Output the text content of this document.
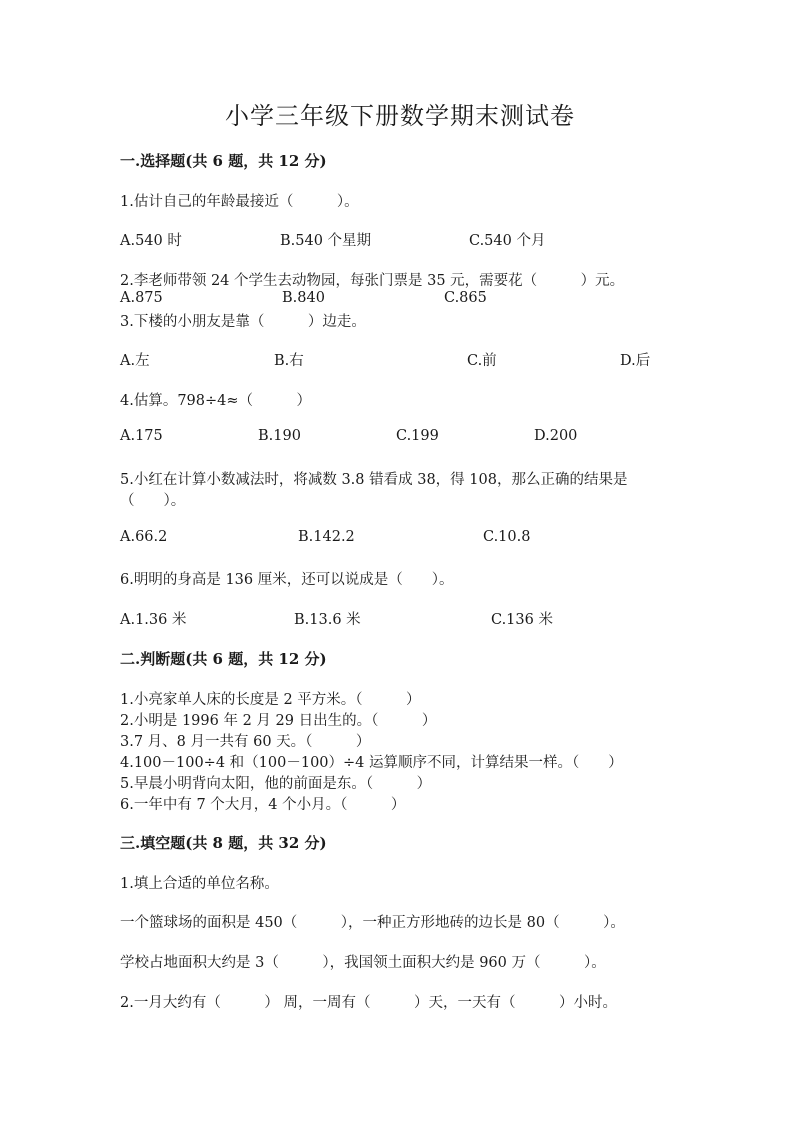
小学三年级下册数学期末测试卷
一.选择题(共 6 题，共 12 分)
1.估计自己的年龄最接近（　　　）。
A.540 时	B.540 个星期	C.540 个月
2.李老师带领 24 个学生去动物园，每张门票是 35 元，需要花（　　　）元。
A.875	B.840	C.865
3.下楼的小朋友是靠（　　　）边走。
A.左	B.右	C.前	D.后
4.估算。798÷4≈（　　　）
A.175	B.190	C.199	D.200
5.小红在计算小数减法时，将减数 3.8 错看成 38，得 108，那么正确的结果是
（　　）。
A.66.2	B.142.2	C.10.8
6.明明的身高是 136 厘米，还可以说成是（　　）。
A.1.36 米	B.13.6 米	C.136 米
二.判断题(共 6 题，共 12 分)
1.小亮家单人床的长度是 2 平方米。（　　　）
2.小明是 1996 年 2 月 29 日出生的。（　　　）
3.7 月、8 月一共有 60 天。（　　　）
4.100－100÷4 和（100－100）÷4 运算顺序不同，计算结果一样。（　　）
5.早晨小明背向太阳，他的前面是东。（　　　）
6.一年中有 7 个大月，4 个小月。（　　　）
三.填空题(共 8 题，共 32 分)
1.填上合适的单位名称。
一个篮球场的面积是 450（　　　），一种正方形地砖的边长是 80（　　　）。
学校占地面积大约是 3（　　　），我国领土面积大约是 960 万（　　　）。
2.一月大约有（　　　） 周，一周有（　　　）天，一天有（　　　）小时。
